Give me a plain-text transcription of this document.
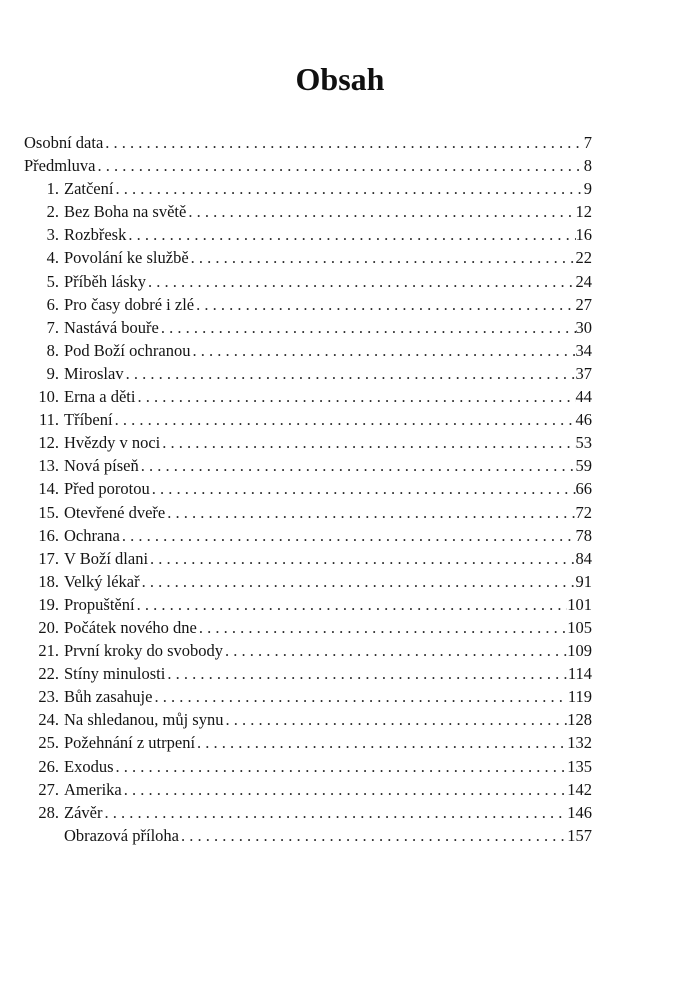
Obsah
Osobní data . . .	7
Předmluva . . .	8
1. Zatčení . . .	9
2. Bez Boha na světě . . .	12
3. Rozbřesk . . .	16
4. Povolání ke službě . . .	22
5. Příběh lásky . . .	24
6. Pro časy dobré i zlé . . .	27
7. Nastává bouře . . .	30
8. Pod Boží ochranou . . .	34
9. Miroslav . . .	37
10. Erna a děti . . .	44
11. Tříbení . . .	46
12. Hvězdy v noci . . .	53
13. Nová píseň . . .	59
14. Před porotou . . .	66
15. Otevřené dveře . . .	72
16. Ochrana . . .	78
17. V Boží dlani . . .	84
18. Velký lékař . . .	91
19. Propuštění . . .	101
20. Počátek nového dne . . .	105
21. První kroky do svobody . . .	109
22. Stíny minulosti . . .	114
23. Bůh zasahuje . . .	119
24. Na shledanou, můj synu . . .	128
25. Požehnání z utrpení . . .	132
26. Exodus . . .	135
27. Amerika . . .	142
28. Závěr . . .	146
Obrazová příloha . . .	157
